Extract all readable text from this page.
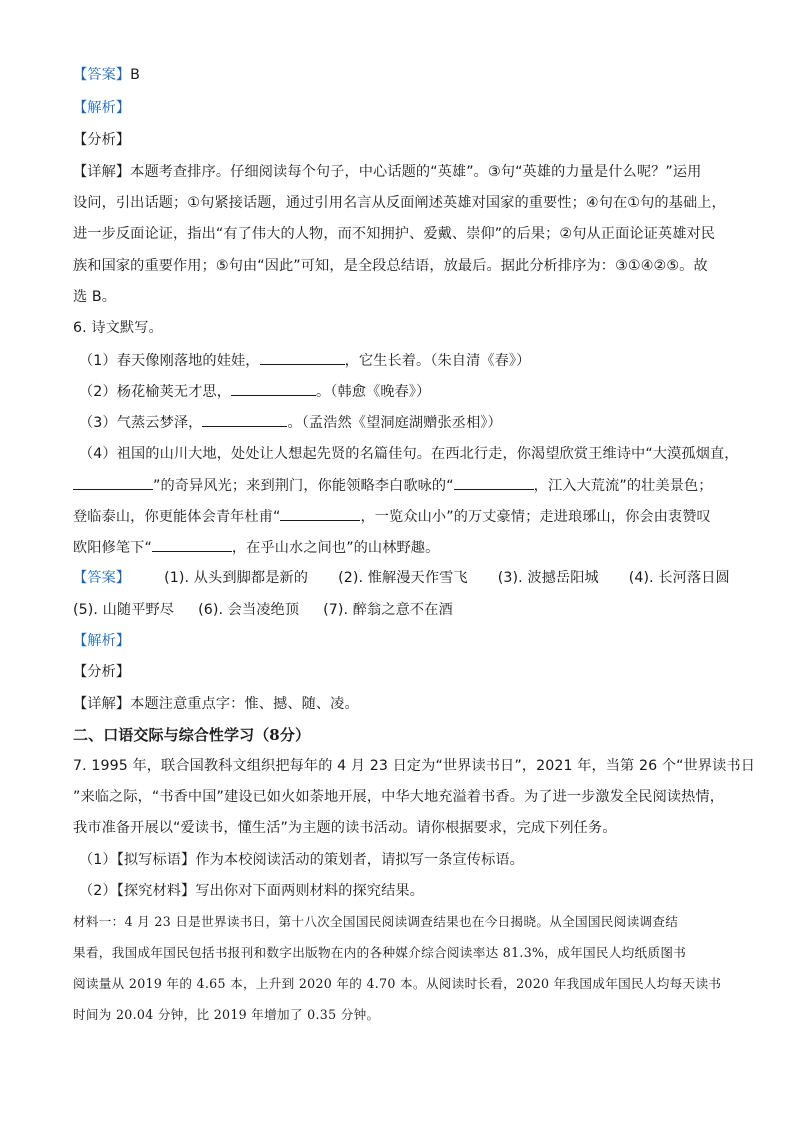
【答案】B
【解析】
【分析】
【详解】本题考查排序。仔细阅读每个句子，中心话题的“英雄”。③句“英雄的力量是什么呢？”运用
设问，引出话题；①句紧接话题，通过引用名言从反面阐述英雄对国家的重要性；④句在①句的基础上，
进一步反面论证，指出“有了伟大的人物，而不知拥护、爱戴、崇仰”的后果；②句从正面论证英雄对民
族和国家的重要作用；⑤句由“因此”可知，是全段总结语，放最后。据此分析排序为：③①④②⑤。故
选 B。
6. 诗文默写。
（1）春天像刚落地的娃娃，	，它生长着。（朱自清《春》）
（2）杨花榆荚无才思，	。（韩愈《晚春》）
（3）气蒸云梦泽，	。（孟浩然《望洞庭湖赠张丞相》）
（4）祖国的山川大地，处处让人想起先贤的名篇佳句。在西北行走，你渴望欣赏王维诗中“大漠孤烟直，
”的奇异风光；来到荆门，你能领略李白歌咏的“	，江入大荒流”的壮美景色；
登临泰山，你更能体会青年杜甫“	，一览众山小”的万丈豪情；走进琅琊山，你会由衷赞叹
欧阳修笔下“	，在乎山水之间也”的山林野趣。
【答案】 (1). 从头到脚都是新的 (2). 惟解漫天作雪飞 (3). 波撼岳阳城 (4). 长河落日圆
(5). 山随平野尽 (6). 会当凌绝顶 (7). 醉翁之意不在酒
【解析】
【分析】
【详解】本题注意重点字：惟、撼、随、凌。
二、口语交际与综合性学习（8分）
7. 1995 年，联合国教科文组织把每年的 4 月 23 日定为“世界读书日”，2021 年，当第 26 个“世界读书日
”来临之际，“书香中国”建设已如火如荼地开展，中华大地充溢着书香。为了进一步激发全民阅读热情，
我市准备开展以“爱读书，懂生活”为主题的读书活动。请你根据要求，完成下列任务。
（1）【拟写标语】作为本校阅读活动的策划者，请拟写一条宣传标语。
（2）【探究材料】写出你对下面两则材料的探究结果。
材料一：4 月 23 日是世界读书日，第十八次全国国民阅读调查结果也在今日揭晓。从全国国民阅读调查结
果看，我国成年国民包括书报刊和数字出版物在内的各种媒介综合阅读率达 81.3%，成年国民人均纸质图书
阅读量从 2019 年的 4.65 本，上升到 2020 年的 4.70 本。从阅读时长看，2020 年我国成年国民人均每天读书
时间为 20.04 分钟，比 2019 年增加了 0.35 分钟。
